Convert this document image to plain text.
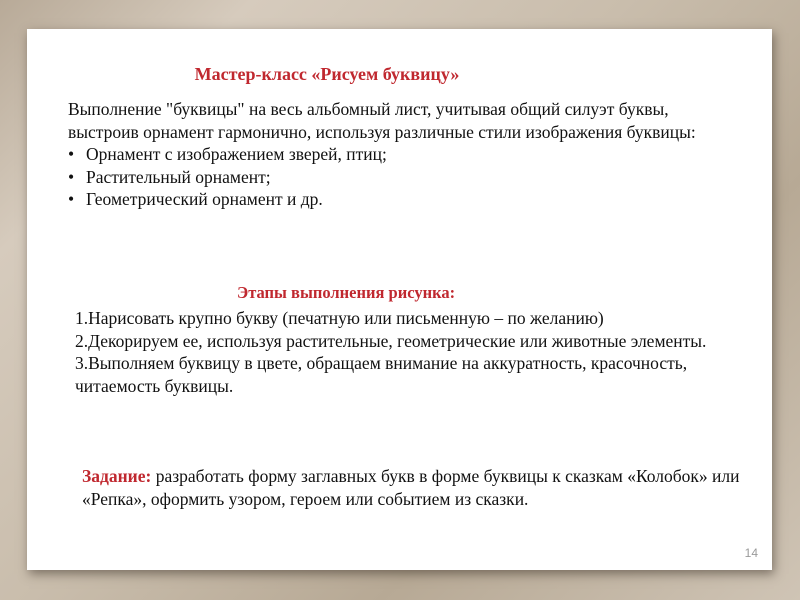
Мастер-класс «Рисуем буквицу»
Выполнение "буквицы" на весь альбомный лист, учитывая общий силуэт буквы, выстроив орнамент гармонично, используя различные стили изображения буквицы:
• Орнамент с изображением зверей, птиц;
• Растительный орнамент;
• Геометрический орнамент и др.
Этапы выполнения рисунка:
1.Нарисовать крупно букву (печатную или письменную – по желанию)
2.Декорируем ее, используя растительные, геометрические или животные элементы.
3.Выполняем буквицу в цвете, обращаем внимание на аккуратность, красочность, читаемость буквицы.

Задание: разработать форму заглавных букв в форме буквицы к сказкам «Колобок» или «Репка», оформить узором, героем или событием из сказки.

14
